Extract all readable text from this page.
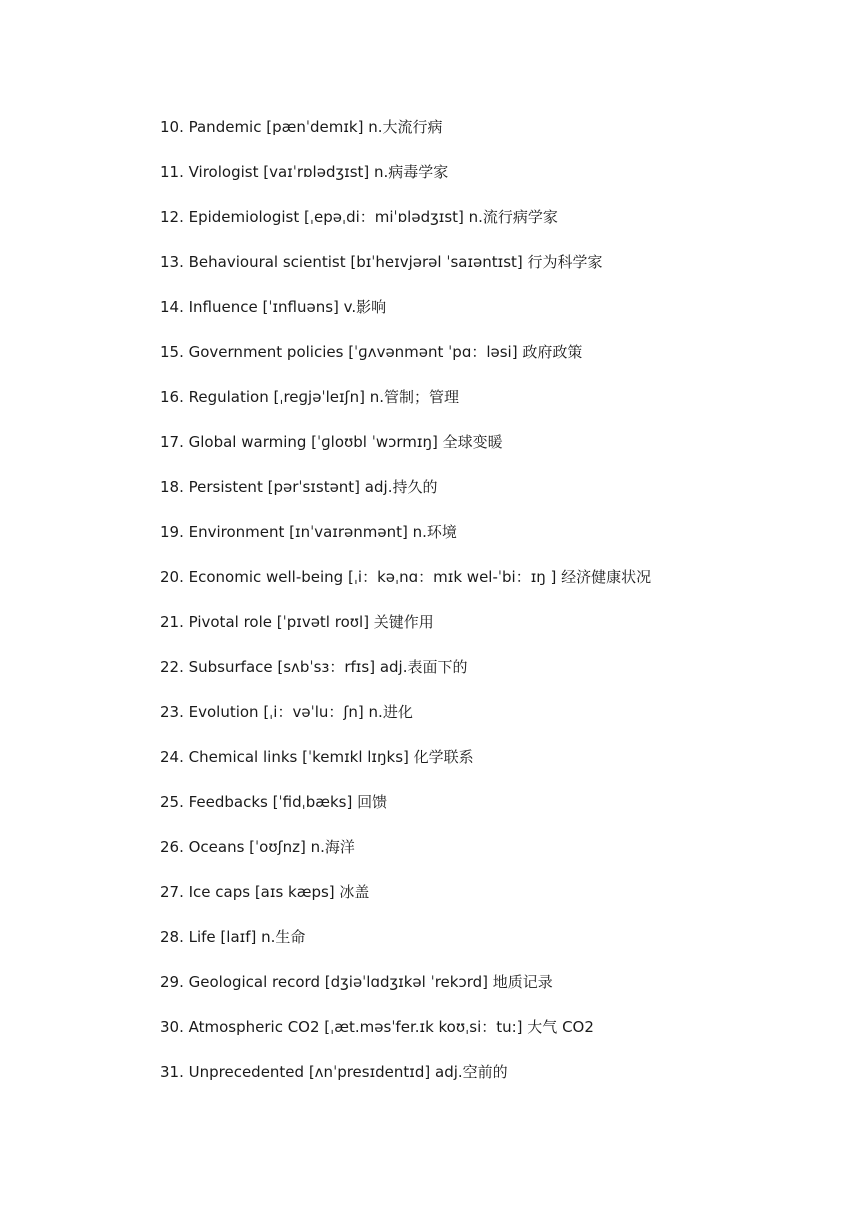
10. Pandemic [pænˈdemɪk] n.大流行病
11. Virologist [vaɪˈrɒlədʒɪst] n.病毒学家
12. Epidemiologist [ˌepəˌdi：miˈɒlədʒɪst] n.流行病学家
13. Behavioural scientist [bɪˈheɪvjərəl ˈsaɪəntɪst] 行为科学家
14. Influence [ˈɪnfluəns] v.影响
15. Government policies [ˈɡʌvənmənt ˈpɑ：ləsi] 政府政策
16. Regulation [ˌreɡjəˈleɪʃn] n.管制；管理
17. Global warming [ˈɡloʊbl ˈwɔrmɪŋ] 全球变暖
18. Persistent [pərˈsɪstənt] adj.持久的
19. Environment [ɪnˈvaɪrənmənt] n.环境
20. Economic well-being [ˌi：kəˌnɑ：mɪk wel-ˈbi：ɪŋ ] 经济健康状况
21. Pivotal role [ˈpɪvətl roʊl] 关键作用
22. Subsurface [sʌbˈsɜ：rfɪs] adj.表面下的
23. Evolution [ˌi：vəˈlu：ʃn] n.进化
24. Chemical links [ˈkemɪkl lɪŋks] 化学联系
25. Feedbacks [ˈfidˌbæks] 回馈
26. Oceans [ˈoʊʃnz] n.海洋
27. Ice caps [aɪs kæps] 冰盖
28. Life [laɪf] n.生命
29. Geological record [dʒiəˈlɑdʒɪkəl ˈrekɔrd] 地质记录
30. Atmospheric CO2 [ˌæt.məsˈfer.ɪk koʊˌsi：tu:] 大气 CO2
31. Unprecedented [ʌnˈpresɪdentɪd] adj.空前的
